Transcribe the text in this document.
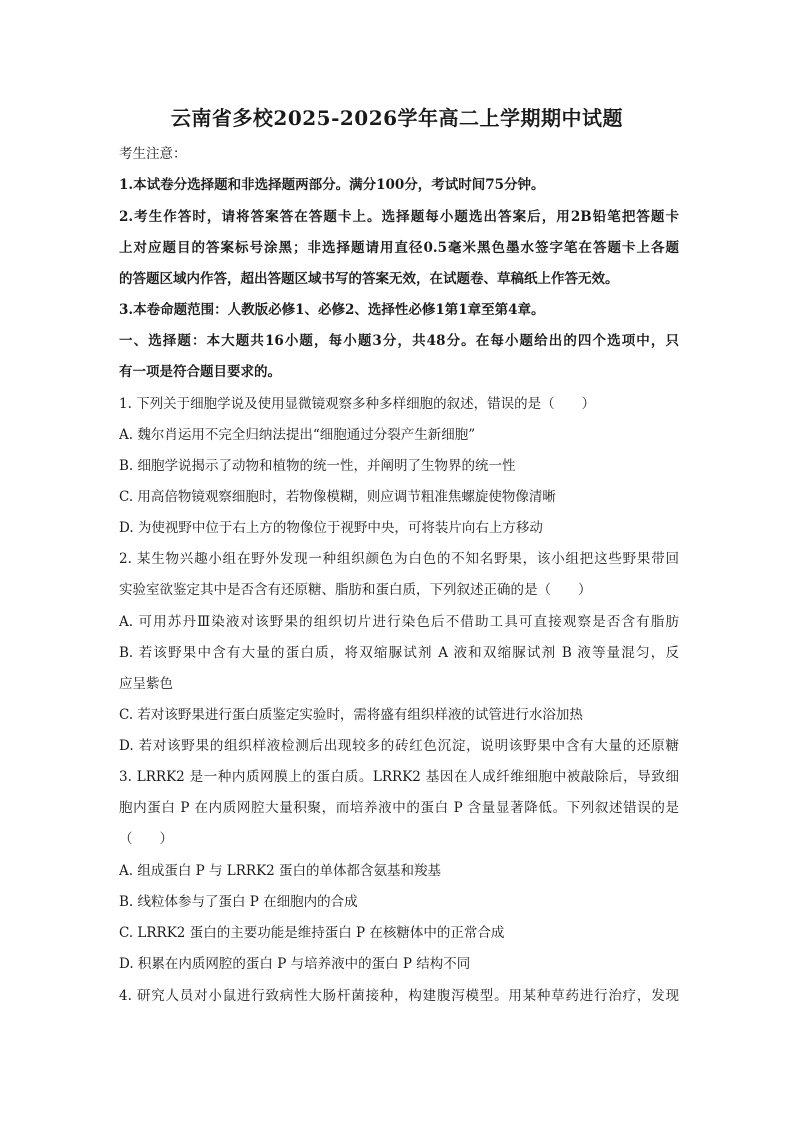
云南省多校2025-2026学年高二上学期期中试题
考生注意：
1.本试卷分选择题和非选择题两部分。满分100分，考试时间75分钟。
2.考生作答时，请将答案答在答题卡上。选择题每小题选出答案后，用2B铅笔把答题卡
上对应题目的答案标号涂黑；非选择题请用直径0.5毫米黑色墨水签字笔在答题卡上各题
的答题区域内作答，超出答题区域书写的答案无效，在试题卷、草稿纸上作答无效。
3.本卷命题范围：人教版必修1、必修2、选择性必修1第1章至第4章。
一、选择题：本大题共16小题，每小题3分，共48分。在每小题给出的四个选项中，只
有一项是符合题目要求的。
1. 下列关于细胞学说及使用显微镜观察多种多样细胞的叙述，错误的是（　　）
A. 魏尔肖运用不完全归纳法提出“细胞通过分裂产生新细胞”
B. 细胞学说揭示了动物和植物的统一性，并阐明了生物界的统一性
C. 用高倍物镜观察细胞时，若物像模糊，则应调节粗准焦螺旋使物像清晰
D. 为使视野中位于右上方的物像位于视野中央，可将装片向右上方移动
2. 某生物兴趣小组在野外发现一种组织颜色为白色的不知名野果，该小组把这些野果带回
实验室欲鉴定其中是否含有还原糖、脂肪和蛋白质，下列叙述正确的是（　　）
A. 可用苏丹Ⅲ染液对该野果的组织切片进行染色后不借助工具可直接观察是否含有脂肪
B. 若该野果中含有大量的蛋白质，将双缩脲试剂 A 液和双缩脲试剂 B 液等量混匀，反
应呈紫色
C. 若对该野果进行蛋白质鉴定实验时，需将盛有组织样液的试管进行水浴加热
D. 若对该野果的组织样液检测后出现较多的砖红色沉淀，说明该野果中含有大量的还原糖
3. LRRK2 是一种内质网膜上的蛋白质。LRRK2 基因在人成纤维细胞中被敲除后，导致细
胞内蛋白 P 在内质网腔大量积聚，而培养液中的蛋白 P 含量显著降低。下列叙述错误的是
（　　）
A. 组成蛋白 P 与 LRRK2 蛋白的单体都含氨基和羧基
B. 线粒体参与了蛋白 P 在细胞内的合成
C. LRRK2 蛋白的主要功能是维持蛋白 P 在核糖体中的正常合成
D. 积累在内质网腔的蛋白 P 与培养液中的蛋白 P 结构不同
4. 研究人员对小鼠进行致病性大肠杆菌接种，构建腹泻模型。用某种草药进行治疗，发现
